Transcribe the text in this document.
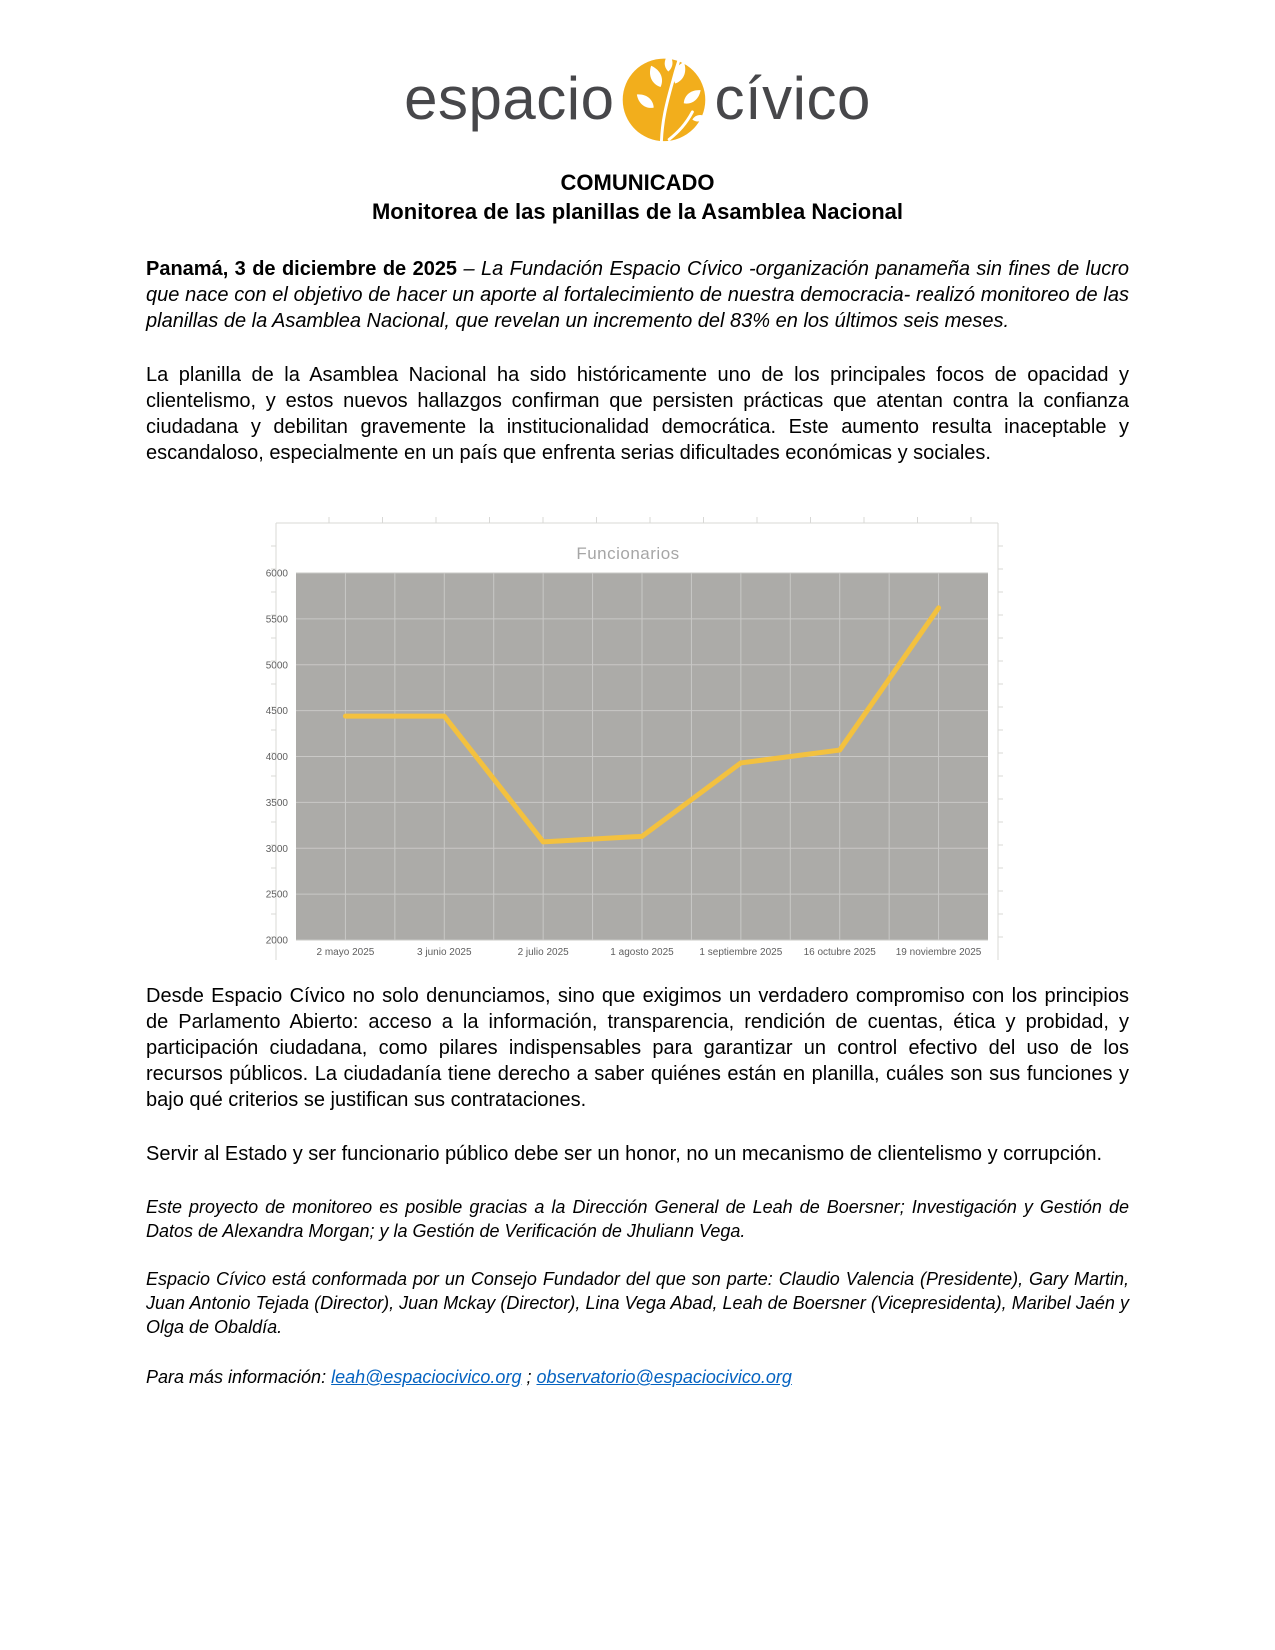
espacio cívico
COMUNICADO
Monitorea de las planillas de la Asamblea Nacional

Panamá, 3 de diciembre de 2025 – La Fundación Espacio Cívico -organización panameña sin fines de lucro que nace con el objetivo de hacer un aporte al fortalecimiento de nuestra democracia- realizó monitoreo de las planillas de la Asamblea Nacional, que revelan un incremento del 83% en los últimos seis meses.

La planilla de la Asamblea Nacional ha sido históricamente uno de los principales focos de opacidad y clientelismo, y estos nuevos hallazgos confirman que persisten prácticas que atentan contra la confianza ciudadana y debilitan gravemente la institucionalidad democrática. Este aumento resulta inaceptable y escandaloso, especialmente en un país que enfrenta serias dificultades económicas y sociales.

Funcionarios
2000
2500
3000
3500
4000
4500
5000
5500
6000
2 mayo 2025	3 junio 2025	2 julio 2025	1 agosto 2025	1 septiembre 2025 16 octubre 2025 19 noviembre 2025

Desde Espacio Cívico no solo denunciamos, sino que exigimos un verdadero compromiso con los principios de Parlamento Abierto: acceso a la información, transparencia, rendición de cuentas, ética y probidad, y participación ciudadana, como pilares indispensables para garantizar un control efectivo del uso de los recursos públicos. La ciudadanía tiene derecho a saber quiénes están en planilla, cuáles son sus funciones y bajo qué criterios se justifican sus contrataciones.

Servir al Estado y ser funcionario público debe ser un honor, no un mecanismo de clientelismo y corrupción.

Este proyecto de monitoreo es posible gracias a la Dirección General de Leah de Boersner; Investigación y Gestión de Datos de Alexandra Morgan; y la Gestión de Verificación de Jhuliann Vega.

Espacio Cívico está conformada por un Consejo Fundador del que son parte: Claudio Valencia (Presidente), Gary Martin, Juan Antonio Tejada (Director), Juan Mckay (Director), Lina Vega Abad, Leah de Boersner (Vicepresidenta), Maribel Jaén y Olga de Obaldía.

Para más información: leah@espaciocivico.org ; observatorio@espaciocivico.org
